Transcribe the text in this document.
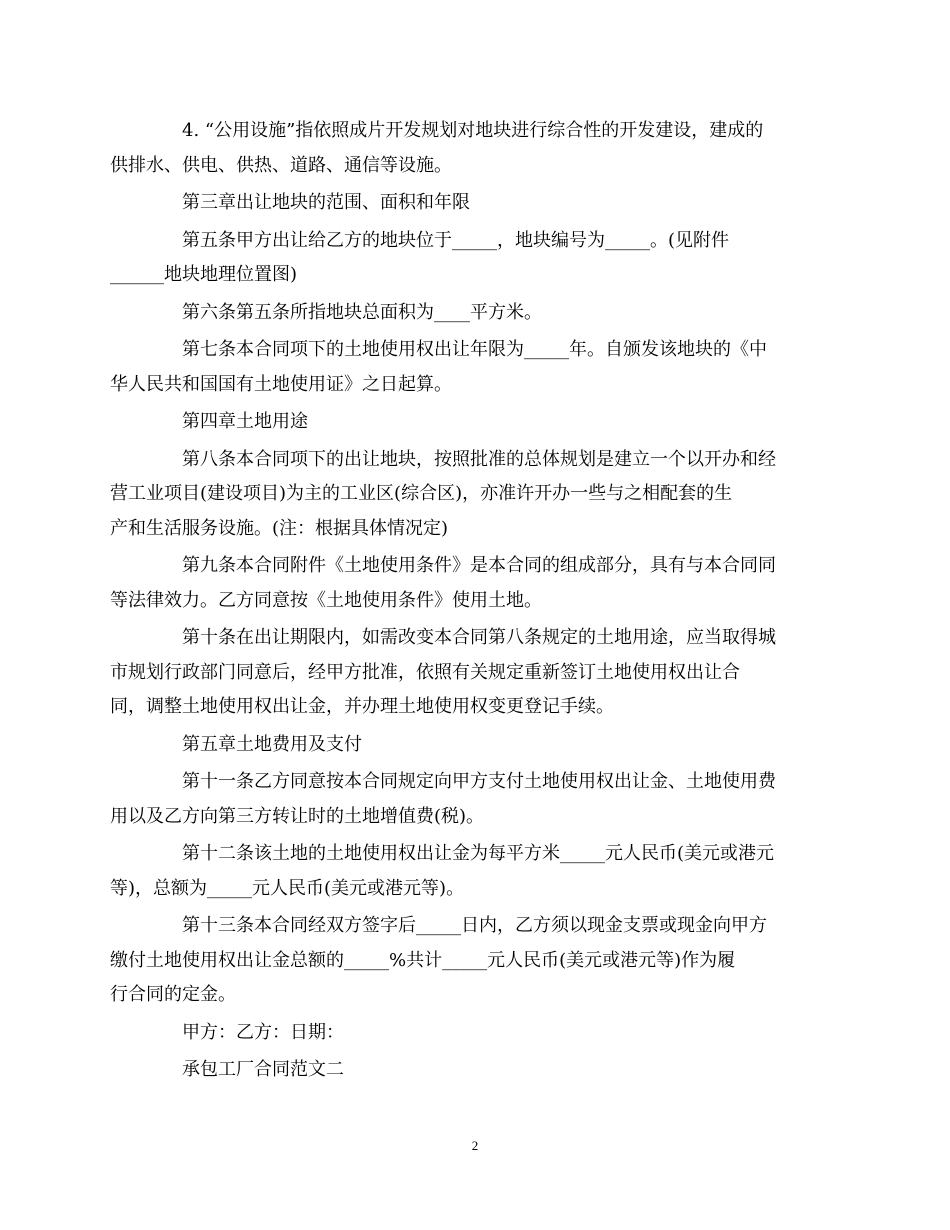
4. “公用设施”指依照成片开发规划对地块进行综合性的开发建设，建成的
供排水、供电、供热、道路、通信等设施。

第三章出让地块的范围、面积和年限

第五条甲方出让给乙方的地块位于_____，地块编号为_____。(见附件
______地块地理位置图)

第六条第五条所指地块总面积为____平方米。

第七条本合同项下的土地使用权出让年限为_____年。自颁发该地块的《中
华人民共和国国有土地使用证》之日起算。

第四章土地用途

第八条本合同项下的出让地块，按照批准的总体规划是建立一个以开办和经
营工业项目(建设项目)为主的工业区(综合区)，亦准许开办一些与之相配套的生
产和生活服务设施。(注：根据具体情况定)

第九条本合同附件《土地使用条件》是本合同的组成部分，具有与本合同同
等法律效力。乙方同意按《土地使用条件》使用土地。

第十条在出让期限内，如需改变本合同第八条规定的土地用途，应当取得城
市规划行政部门同意后，经甲方批准，依照有关规定重新签订土地使用权出让合
同，调整土地使用权出让金，并办理土地使用权变更登记手续。

第五章土地费用及支付

第十一条乙方同意按本合同规定向甲方支付土地使用权出让金、土地使用费
用以及乙方向第三方转让时的土地增值费(税)。

第十二条该土地的土地使用权出让金为每平方米_____元人民币(美元或港元
等)，总额为_____元人民币(美元或港元等)。

第十三条本合同经双方签字后_____日内，乙方须以现金支票或现金向甲方
缴付土地使用权出让金总额的_____%共计_____元人民币(美元或港元等)作为履
行合同的定金。

甲方：乙方：日期：

承包工厂合同范文二

2
